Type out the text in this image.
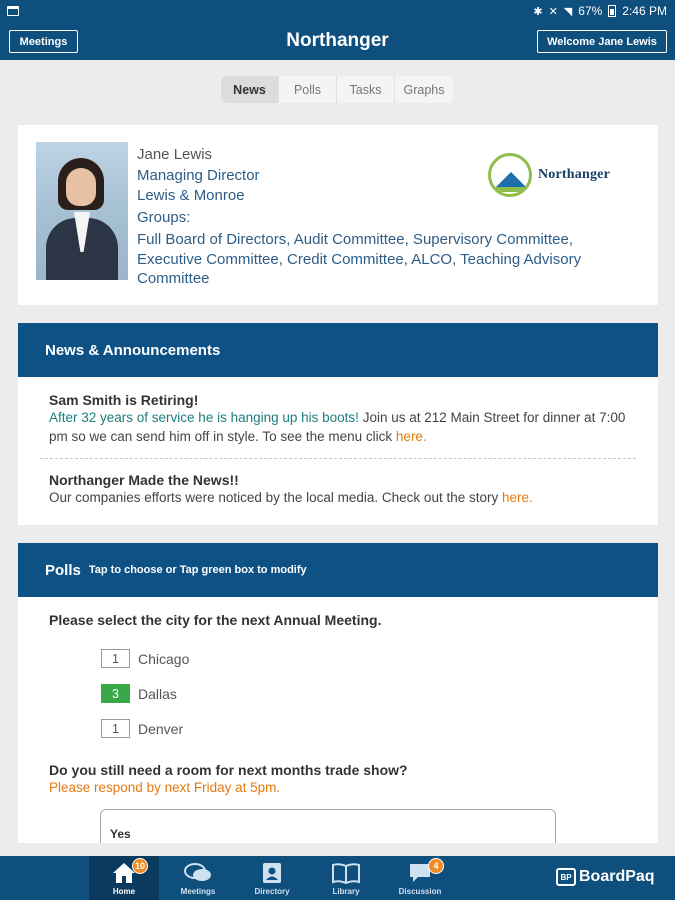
✱ ✕ ◥ 67% 2:46 PM
Meetings	Northanger	Welcome Jane Lewis
News	Polls	Tasks	Graphs
Jane Lewis
Managing Director
Lewis & Monroe
Groups:
Full Board of Directors, Audit Committee, Supervisory Committee, Executive Committee, Credit Committee, ALCO, Teaching Advisory Committee
Northanger
News & Announcements
Sam Smith is Retiring!
After 32 years of service he is hanging up his boots! Join us at 212 Main Street for dinner at 7:00 pm so we can send him off in style. To see the menu click here.
Northanger Made the News!!
Our companies efforts were noticed by the local media. Check out the story here.
Polls Tap to choose or Tap green box to modify
Please select the city for the next Annual Meeting.
1	Chicago
3	Dallas
1	Denver
Do you still need a room for next months trade show?
Please respond by next Friday at 5pm.
Yes
10
Home	Meetings	Directory	Library
4
Discussion
BP BoardPaq
